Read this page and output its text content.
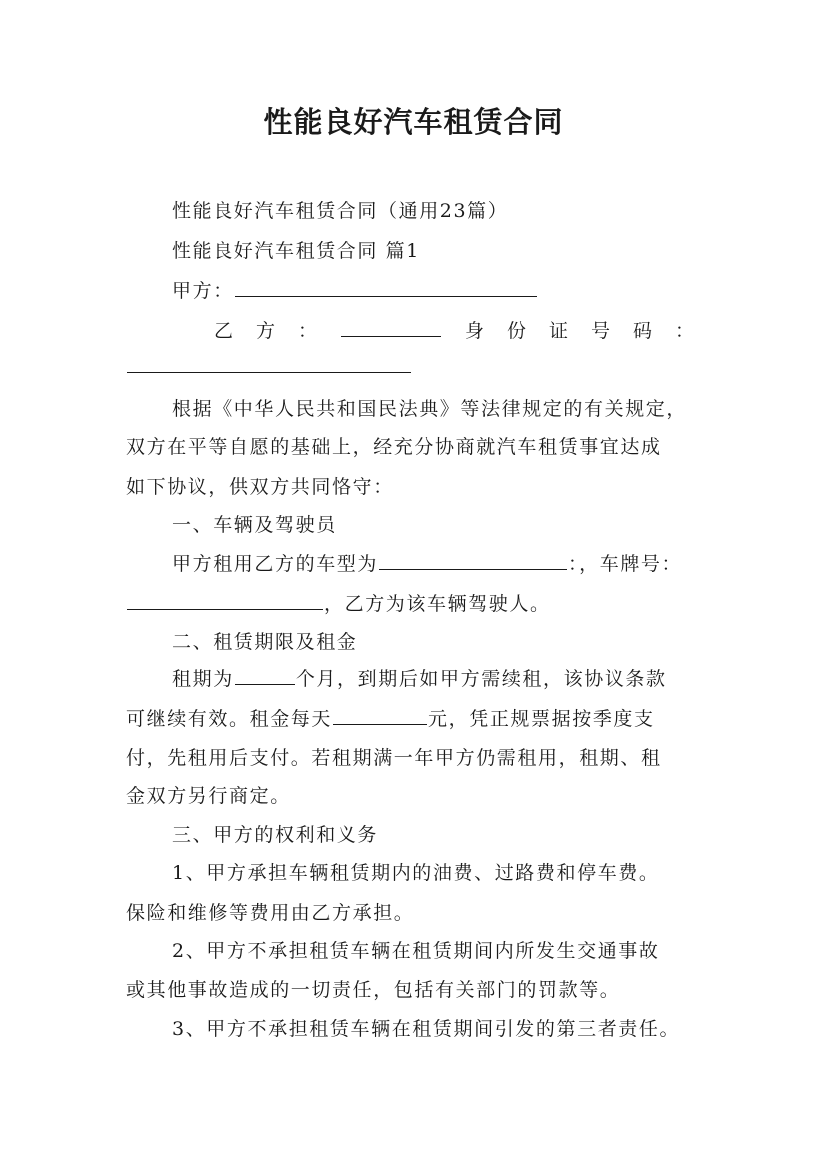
性能良好汽车租赁合同
性能良好汽车租赁合同（通用23篇）
性能良好汽车租赁合同 篇1
甲方：
乙 方 ：	身 份 证 号 码 ：
根据《中华人民共和国民法典》等法律规定的有关规定，
双方在平等自愿的基础上，经充分协商就汽车租赁事宜达成
如下协议，供双方共同恪守：
一、车辆及驾驶员
甲方租用乙方的车型为	：，车牌号：
，乙方为该车辆驾驶人。
二、租赁期限及租金
租期为	个月，到期后如甲方需续租，该协议条款
可继续有效。租金每天	元，凭正规票据按季度支
付，先租用后支付。若租期满一年甲方仍需租用，租期、租
金双方另行商定。
三、甲方的权利和义务
1、甲方承担车辆租赁期内的油费、过路费和停车费。
保险和维修等费用由乙方承担。
2、甲方不承担租赁车辆在租赁期间内所发生交通事故
或其他事故造成的一切责任，包括有关部门的罚款等。
3、甲方不承担租赁车辆在租赁期间引发的第三者责任。
